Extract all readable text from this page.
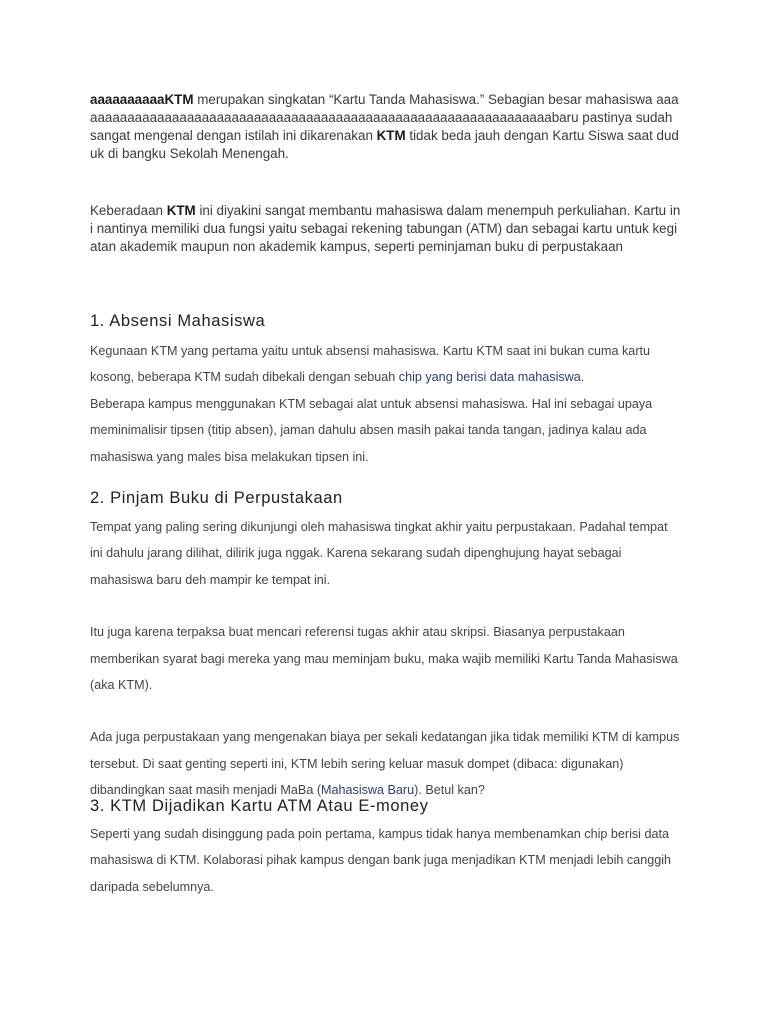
aaaaaaaaaaKTM merupakan singkatan “Kartu Tanda Mahasiswa.” Sebagian besar mahasiswa aaaaaaaaaaaaaaaaaaaaaaaaaaaaaaaaaaaaaaaaaaaaaaaaaaaaaaaaaaaaaaaaabaru pastinya sudah sangat mengenal dengan istilah ini dikarenakan KTM tidak beda jauh dengan Kartu Siswa saat duduk di bangku Sekolah Menengah.

Keberadaan KTM ini diyakini sangat membantu mahasiswa dalam menempuh perkuliahan. Kartu ini nantinya memiliki dua fungsi yaitu sebagai rekening tabungan (ATM) dan sebagai kartu untuk kegiatan akademik maupun non akademik kampus, seperti peminjaman buku di perpustakaan

1. Absensi Mahasiswa

Kegunaan KTM yang pertama yaitu untuk absensi mahasiswa. Kartu KTM saat ini bukan cuma kartu kosong, beberapa KTM sudah dibekali dengan sebuah chip yang berisi data mahasiswa.

Beberapa kampus menggunakan KTM sebagai alat untuk absensi mahasiswa. Hal ini sebagai upaya meminimalisir tipsen (titip absen), jaman dahulu absen masih pakai tanda tangan, jadinya kalau ada mahasiswa yang males bisa melakukan tipsen ini.

2. Pinjam Buku di Perpustakaan

Tempat yang paling sering dikunjungi oleh mahasiswa tingkat akhir yaitu perpustakaan. Padahal tempat ini dahulu jarang dilihat, dilirik juga nggak. Karena sekarang sudah dipenghujung hayat sebagai mahasiswa baru deh mampir ke tempat ini.

Itu juga karena terpaksa buat mencari referensi tugas akhir atau skripsi. Biasanya perpustakaan memberikan syarat bagi mereka yang mau meminjam buku, maka wajib memiliki Kartu Tanda Mahasiswa (aka KTM).

Ada juga perpustakaan yang mengenakan biaya per sekali kedatangan jika tidak memiliki KTM di kampus tersebut. Di saat genting seperti ini, KTM lebih sering keluar masuk dompet (dibaca: digunakan) dibandingkan saat masih menjadi MaBa (Mahasiswa Baru). Betul kan?

3. KTM Dijadikan Kartu ATM Atau E-money

Seperti yang sudah disinggung pada poin pertama, kampus tidak hanya membenamkan chip berisi data mahasiswa di KTM. Kolaborasi pihak kampus dengan bank juga menjadikan KTM menjadi lebih canggih daripada sebelumnya.
